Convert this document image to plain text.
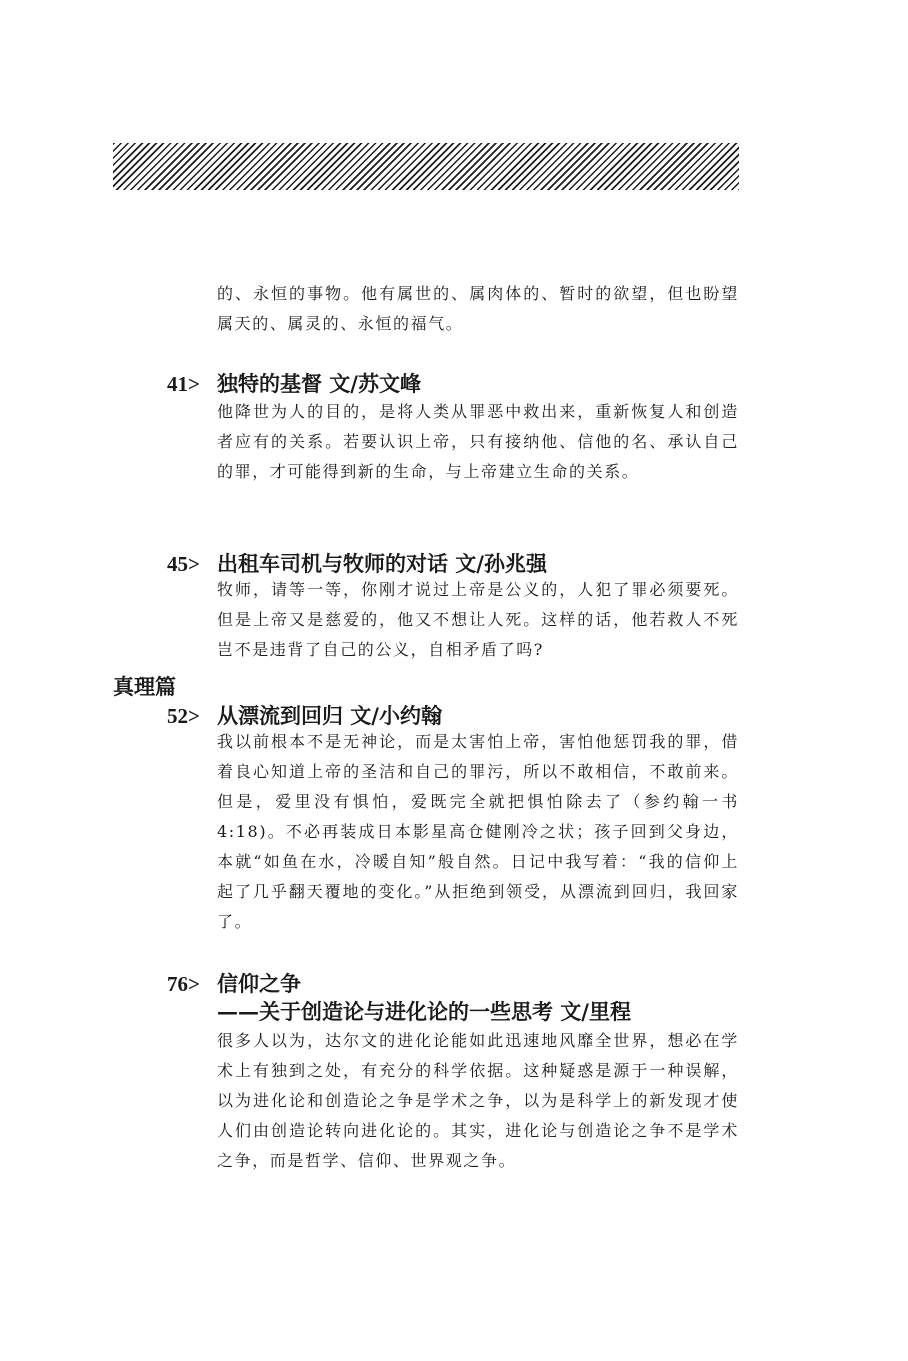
的、永恒的事物。他有属世的、属肉体的、暂时的欲望，但也盼望属天的、属灵的、永恒的福气。

41> 独特的基督 文/苏文峰

他降世为人的目的，是将人类从罪恶中救出来，重新恢复人和创造者应有的关系。若要认识上帝，只有接纳他、信他的名、承认自己的罪，才可能得到新的生命，与上帝建立生命的关系。

45> 出租车司机与牧师的对话 文/孙兆强

牧师，请等一等，你刚才说过上帝是公义的，人犯了罪必须要死。但是上帝又是慈爱的，他又不想让人死。这样的话，他若救人不死岂不是违背了自己的公义，自相矛盾了吗?

真理篇
52> 从漂流到回归 文/小约翰

我以前根本不是无神论，而是太害怕上帝，害怕他惩罚我的罪，借着良心知道上帝的圣洁和自己的罪污，所以不敢相信，不敢前来。但是，爱里没有惧怕，爱既完全就把惧怕除去了（参约翰一书4:18)。不必再装成日本影星高仓健刚冷之状；孩子回到父身边，本就“如鱼在水，冷暖自知”般自然。日记中我写着：“我的信仰上起了几乎翻天覆地的变化。”从拒绝到领受，从漂流到回归，我回家了。

76> 信仰之争
——关于创造论与进化论的一些思考 文/里程

很多人以为，达尔文的进化论能如此迅速地风靡全世界，想必在学术上有独到之处，有充分的科学依据。这种疑惑是源于一种误解，以为进化论和创造论之争是学术之争，以为是科学上的新发现才使人们由创造论转向进化论的。其实，进化论与创造论之争不是学术之争，而是哲学、信仰、世界观之争。
